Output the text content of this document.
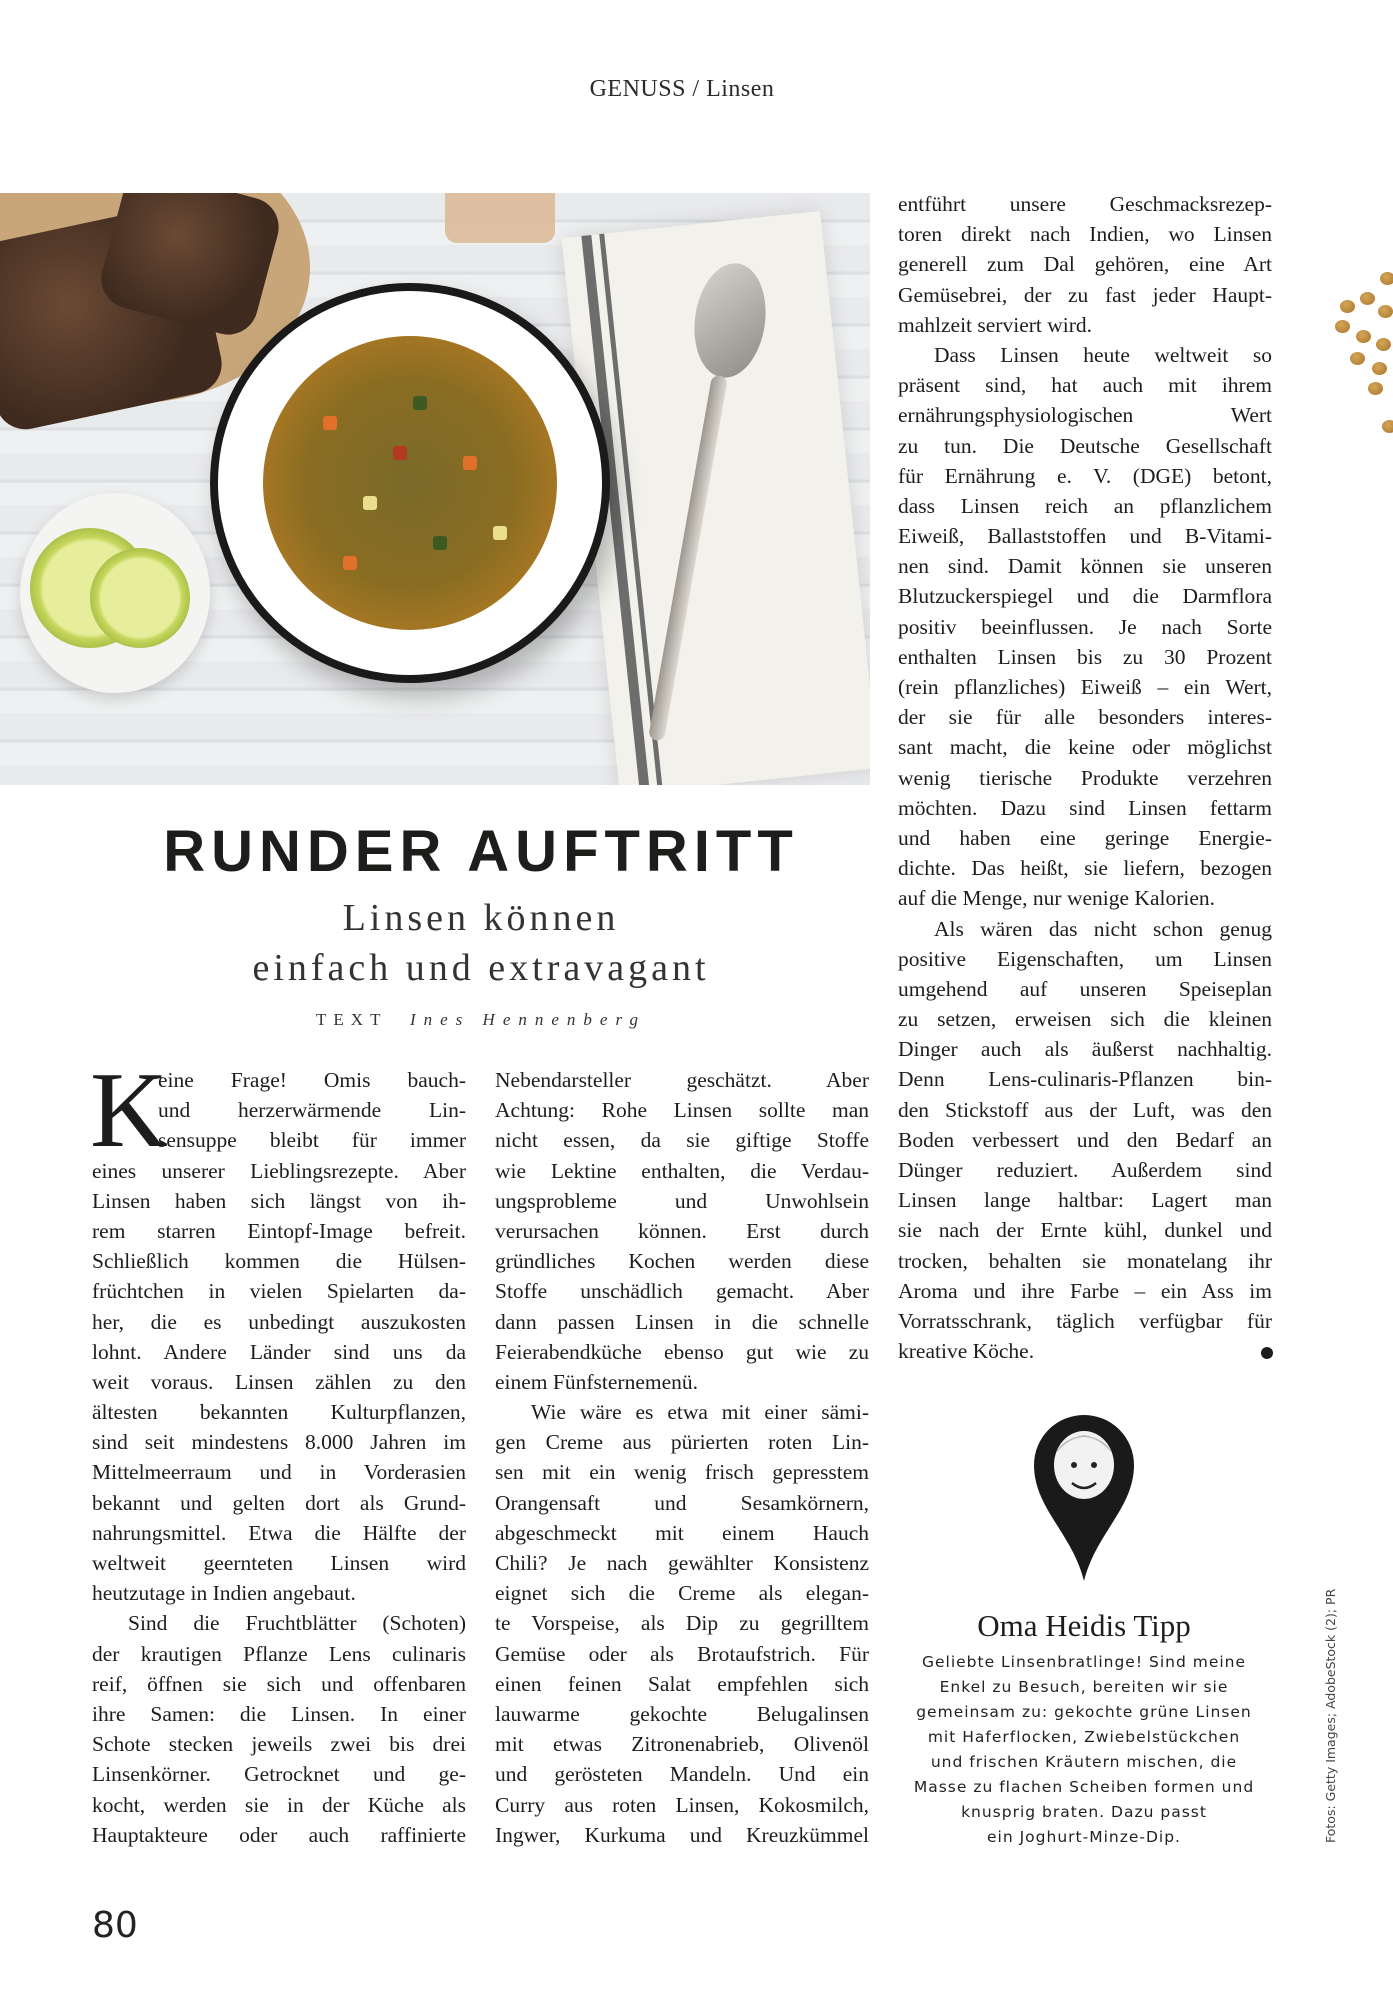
GENUSS / Linsen
RUNDER AUFTRITT
Linsen können
einfach und extravagant
TEXT Ines Hennenberg
K
eine Frage! Omis bauch-
und herzerwärmende Lin-
sensuppe bleibt für immer
eines unserer Lieblingsrezepte. Aber
Linsen haben sich längst von ih-
rem starren Eintopf-Image befreit.
Schließlich kommen die Hülsen-
früchtchen in vielen Spielarten da-
her, die es unbedingt auszukosten
lohnt. Andere Länder sind uns da
weit voraus. Linsen zählen zu den
ältesten bekannten Kulturpflanzen,
sind seit mindestens 8.000 Jahren im
Mittelmeerraum und in Vorderasien
bekannt und gelten dort als Grund-
nahrungsmittel. Etwa die Hälfte der
weltweit geernteten Linsen wird
heutzutage in Indien angebaut.
Sind die Fruchtblätter (Schoten)
der krautigen Pflanze Lens culinaris
reif, öffnen sie sich und offenbaren
ihre Samen: die Linsen. In einer
Schote stecken jeweils zwei bis drei
Linsenkörner. Getrocknet und ge-
kocht, werden sie in der Küche als
Hauptakteure oder auch raffinierte
Nebendarsteller geschätzt. Aber
Achtung: Rohe Linsen sollte man
nicht essen, da sie giftige Stoffe
wie Lektine enthalten, die Verdau-
ungsprobleme und Unwohlsein
verursachen können. Erst durch
gründliches Kochen werden diese
Stoffe unschädlich gemacht. Aber
dann passen Linsen in die schnelle
Feierabendküche ebenso gut wie zu
einem Fünfsternemenü.
Wie wäre es etwa mit einer sämi-
gen Creme aus pürierten roten Lin-
sen mit ein wenig frisch gepresstem
Orangensaft und Sesamkörnern,
abgeschmeckt mit einem Hauch
Chili? Je nach gewählter Konsistenz
eignet sich die Creme als elegan-
te Vorspeise, als Dip zu gegrilltem
Gemüse oder als Brotaufstrich. Für
einen feinen Salat empfehlen sich
lauwarme gekochte Belugalinsen
mit etwas Zitronenabrieb, Olivenöl
und gerösteten Mandeln. Und ein
Curry aus roten Linsen, Kokosmilch,
Ingwer, Kurkuma und Kreuzkümmel
entführt unsere Geschmacksrezep-
toren direkt nach Indien, wo Linsen
generell zum Dal gehören, eine Art
Gemüsebrei, der zu fast jeder Haupt-
mahlzeit serviert wird.
Dass Linsen heute weltweit so
präsent sind, hat auch mit ihrem
ernährungsphysiologischen Wert
zu tun. Die Deutsche Gesellschaft
für Ernährung e. V. (DGE) betont,
dass Linsen reich an pflanzlichem
Eiweiß, Ballaststoffen und B-Vitami-
nen sind. Damit können sie unseren
Blutzuckerspiegel und die Darmflora
positiv beeinflussen. Je nach Sorte
enthalten Linsen bis zu 30 Prozent
(rein pflanzliches) Eiweiß – ein Wert,
der sie für alle besonders interes-
sant macht, die keine oder möglichst
wenig tierische Produkte verzehren
möchten. Dazu sind Linsen fettarm
und haben eine geringe Energie-
dichte. Das heißt, sie liefern, bezogen
auf die Menge, nur wenige Kalorien.
Als wären das nicht schon genug
positive Eigenschaften, um Linsen
umgehend auf unseren Speiseplan
zu setzen, erweisen sich die kleinen
Dinger auch als äußerst nachhaltig.
Denn Lens-culinaris-Pflanzen bin-
den Stickstoff aus der Luft, was den
Boden verbessert und den Bedarf an
Dünger reduziert. Außerdem sind
Linsen lange haltbar: Lagert man
sie nach der Ernte kühl, dunkel und
trocken, behalten sie monatelang ihr
Aroma und ihre Farbe – ein Ass im
Vorratsschrank, täglich verfügbar für
kreative Köche.
Oma Heidis Tipp
Geliebte Linsenbratlinge! Sind meine
Enkel zu Besuch, bereiten wir sie
gemeinsam zu: gekochte grüne Linsen
mit Haferflocken, Zwiebelstückchen
und frischen Kräutern mischen, die
Masse zu flachen Scheiben formen und
knusprig braten. Dazu passt
ein Joghurt-Minze-Dip.	Fotos: Getty Images; AdobeStock (2); PR
80
